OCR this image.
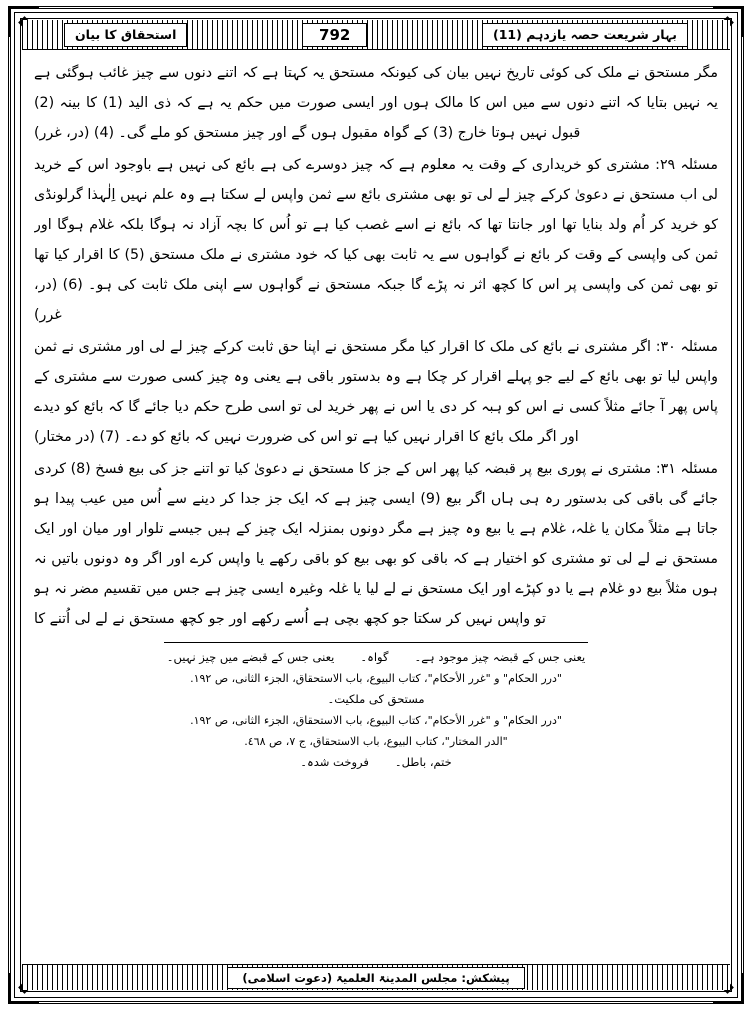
بہار شریعت حصہ یازدہم (11)
792
استحقاق کا بیان

مگر مستحق نے ملک کی کوئی تاریخ نہیں بیان کی کیونکہ مستحق یہ کہتا ہے کہ اتنے دنوں سے چیز غائب ہوگئی ہے یہ نہیں بتایا کہ اتنے دنوں سے میں اس کا مالک ہوں اور ایسی صورت میں حکم یہ ہے کہ ذی الید (1) کا بینہ (2) قبول نہیں ہوتا خارج (3) کے گواہ مقبول ہوں گے اور چیز مستحق کو ملے گی۔ (4) (در، غرر)

مسئلہ ۲۹: مشتری کو خریداری کے وقت یہ معلوم ہے کہ چیز دوسرے کی ہے بائع کی نہیں ہے باوجود اس کے خرید لی اب مستحق نے دعویٰ کرکے چیز لے لی تو بھی مشتری بائع سے ثمن واپس لے سکتا ہے وہ علم نہیں اِلٰہذا گرلونڈی کو خرید کر اُم ولد بنایا تھا اور جانتا تھا کہ بائع نے اسے غصب کیا ہے تو اُس کا بچہ آزاد نہ ہوگا بلکہ غلام ہوگا اور ثمن کی واپسی کے وقت کر بائع نے گواہوں سے یہ ثابت بھی کیا کہ خود مشتری نے ملک مستحق (5) کا اقرار کیا تھا تو بھی ثمن کی واپسی پر اس کا کچھ اثر نہ پڑے گا جبکہ مستحق نے گواہوں سے اپنی ملک ثابت کی ہو۔ (6) (در، غرر)

مسئلہ ۳۰: اگر مشتری نے بائع کی ملک کا اقرار کیا مگر مستحق نے اپنا حق ثابت کرکے چیز لے لی اور مشتری نے ثمن واپس لیا تو بھی بائع کے لیے جو پہلے اقرار کر چکا ہے وہ بدستور باقی ہے یعنی وہ چیز کسی صورت سے مشتری کے پاس پھر آ جائے مثلاً کسی نے اس کو ہبہ کر دی یا اس نے پھر خرید لی تو اسی طرح حکم دیا جائے گا کہ بائع کو دیدے اور اگر ملک بائع کا اقرار نہیں کیا ہے تو اس کی ضرورت نہیں کہ بائع کو دے۔ (7) (در مختار)

مسئلہ ۳۱: مشتری نے پوری بیع پر قبضہ کیا پھر اس کے جز کا مستحق نے دعویٰ کیا تو اتنے جز کی بیع فسخ (8) کردی جائے گی باقی کی بدستور رہ ہی ہاں اگر بیع (9) ایسی چیز ہے کہ ایک جز جدا کر دینے سے اُس میں عیب پیدا ہو جاتا ہے مثلاً مکان یا غلہ، غلام ہے یا بیع وہ چیز ہے مگر دونوں بمنزلہ ایک چیز کے ہیں جیسے تلوار اور میان اور ایک مستحق نے لے لی تو مشتری کو اختیار ہے کہ باقی کو بھی بیع کو باقی رکھے یا واپس کرے اور اگر وہ دونوں باتیں نہ ہوں مثلاً بیع دو غلام ہے یا دو کپڑے اور ایک مستحق نے لے لیا یا غلہ وغیرہ ایسی چیز ہے جس میں تقسیم مضر نہ ہو تو واپس نہیں کر سکتا جو کچھ بچی ہے اُسے رکھے اور جو کچھ مستحق نے لے لی اُتنے کا

یعنی جس کے قبضہ چیز موجود ہے۔
گواہ۔
یعنی جس کے قبضے میں چیز نہیں۔
"درر الحکام" و "غرر الأحکام"، کتاب البیوع، باب الاستحقاق، الجزء الثانی، ص ١٩٢.
مستحق کی ملکیت۔
"درر الحکام" و "غرر الأحکام"، کتاب البیوع، باب الاستحقاق، الجزء الثانی، ص ١٩٢.
"الدر المختار"، کتاب البیوع، باب الاستحقاق، ج ٧، ص ٤٦٨.
ختم، باطل۔
فروخت شدہ۔
پیشکش: مجلس المدینۃ العلمیۃ (دعوت اسلامی)
